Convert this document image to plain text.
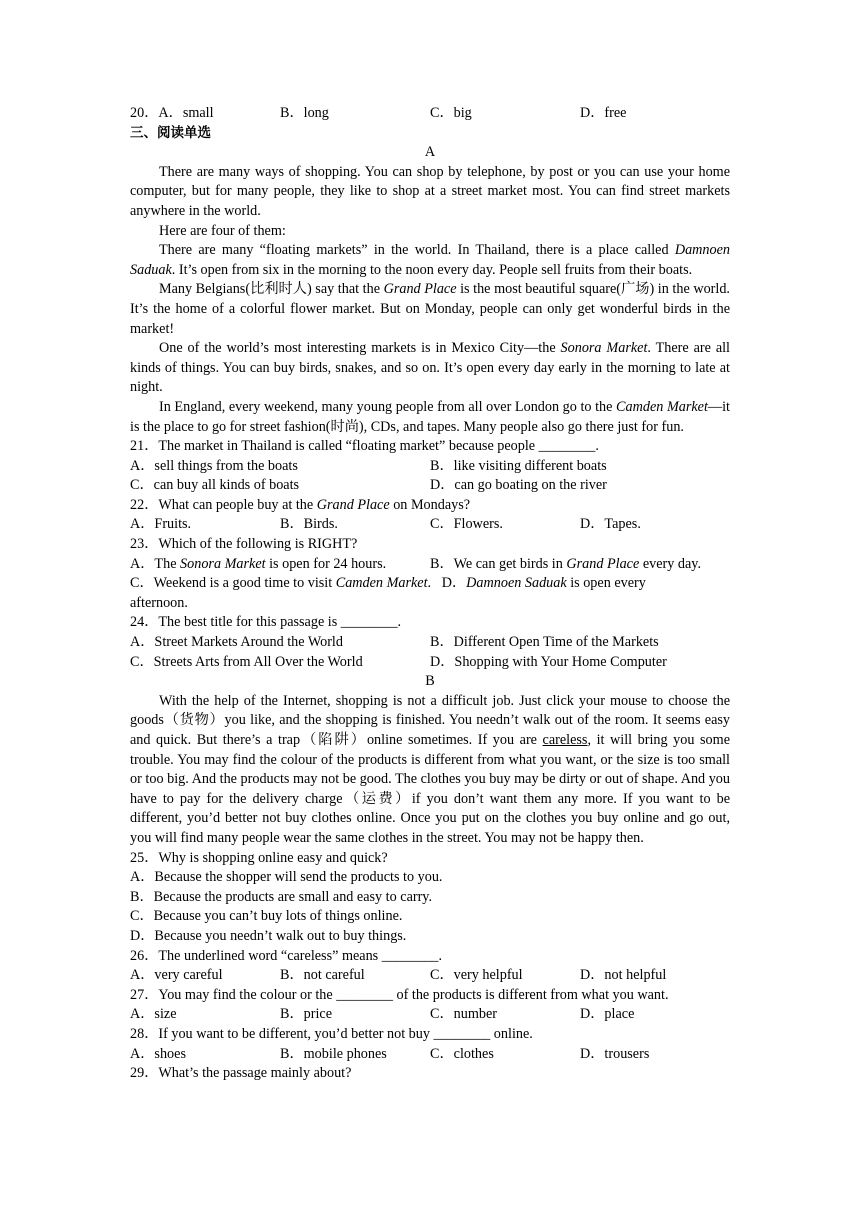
20．A．small	B．long	C．big	D．free
三、阅读单选
A
There are many ways of shopping. You can shop by telephone, by post or you can use your home computer, but for many people, they like to shop at a street market most. You can find street markets anywhere in the world.
Here are four of them:
There are many “floating markets” in the world. In Thailand, there is a place called Damnoen Saduak. It’s open from six in the morning to the noon every day. People sell fruits from their boats.
Many Belgians(比利时人) say that the Grand Place is the most beautiful square(广场) in the world. It’s the home of a colorful flower market. But on Monday, people can only get wonderful birds in the market!
One of the world’s most interesting markets is in Mexico City—the Sonora Market. There are all kinds of things. You can buy birds, snakes, and so on. It’s open every day early in the morning to late at night.
In England, every weekend, many young people from all over London go to the Camden Market—it is the place to go for street fashion(时尚), CDs, and tapes. Many people also go there just for fun.
21．The market in Thailand is called “floating market” because people ________.
A．sell things from the boats	B．like visiting different boats
C．can buy all kinds of boats	D．can go boating on the river
22．What can people buy at the Grand Place on Mondays?
A．Fruits.	B．Birds.	C．Flowers.	D．Tapes.
23．Which of the following is RIGHT?
A．The Sonora Market is open for 24 hours.	B．We can get birds in Grand Place every day.
C．Weekend is a good time to visit Camden Market. D．Damnoen Saduak is open every
afternoon.
24．The best title for this passage is ________.
A．Street Markets Around the World	B．Different Open Time of the Markets
C．Streets Arts from All Over the World	D．Shopping with Your Home Computer
B
With the help of the Internet, shopping is not a difficult job. Just click your mouse to choose the goods（货物）you like, and the shopping is finished. You needn’t walk out of the room. It seems easy and quick. But there’s a trap（陷阱）online sometimes. If you are careless, it will bring you some trouble. You may find the colour of the products is different from what you want, or the size is too small or too big. And the products may not be good. The clothes you buy may be dirty or out of shape. And you have to pay for the delivery charge（运费）if you don’t want them any more. If you want to be different, you’d better not buy clothes online. Once you put on the clothes you buy online and go out, you will find many people wear the same clothes in the street. You may not be happy then.
25．Why is shopping online easy and quick?
A．Because the shopper will send the products to you.
B．Because the products are small and easy to carry.
C．Because you can’t buy lots of things online.
D．Because you needn’t walk out to buy things.
26．The underlined word “careless” means ________.
A．very careful	B．not careful	C．very helpful	D．not helpful
27．You may find the colour or the ________ of the products is different from what you want.
A．size	B．price	C．number	D．place
28．If you want to be different, you’d better not buy ________ online.
A．shoes	B．mobile phones	C．clothes	D．trousers
29．What’s the passage mainly about?
